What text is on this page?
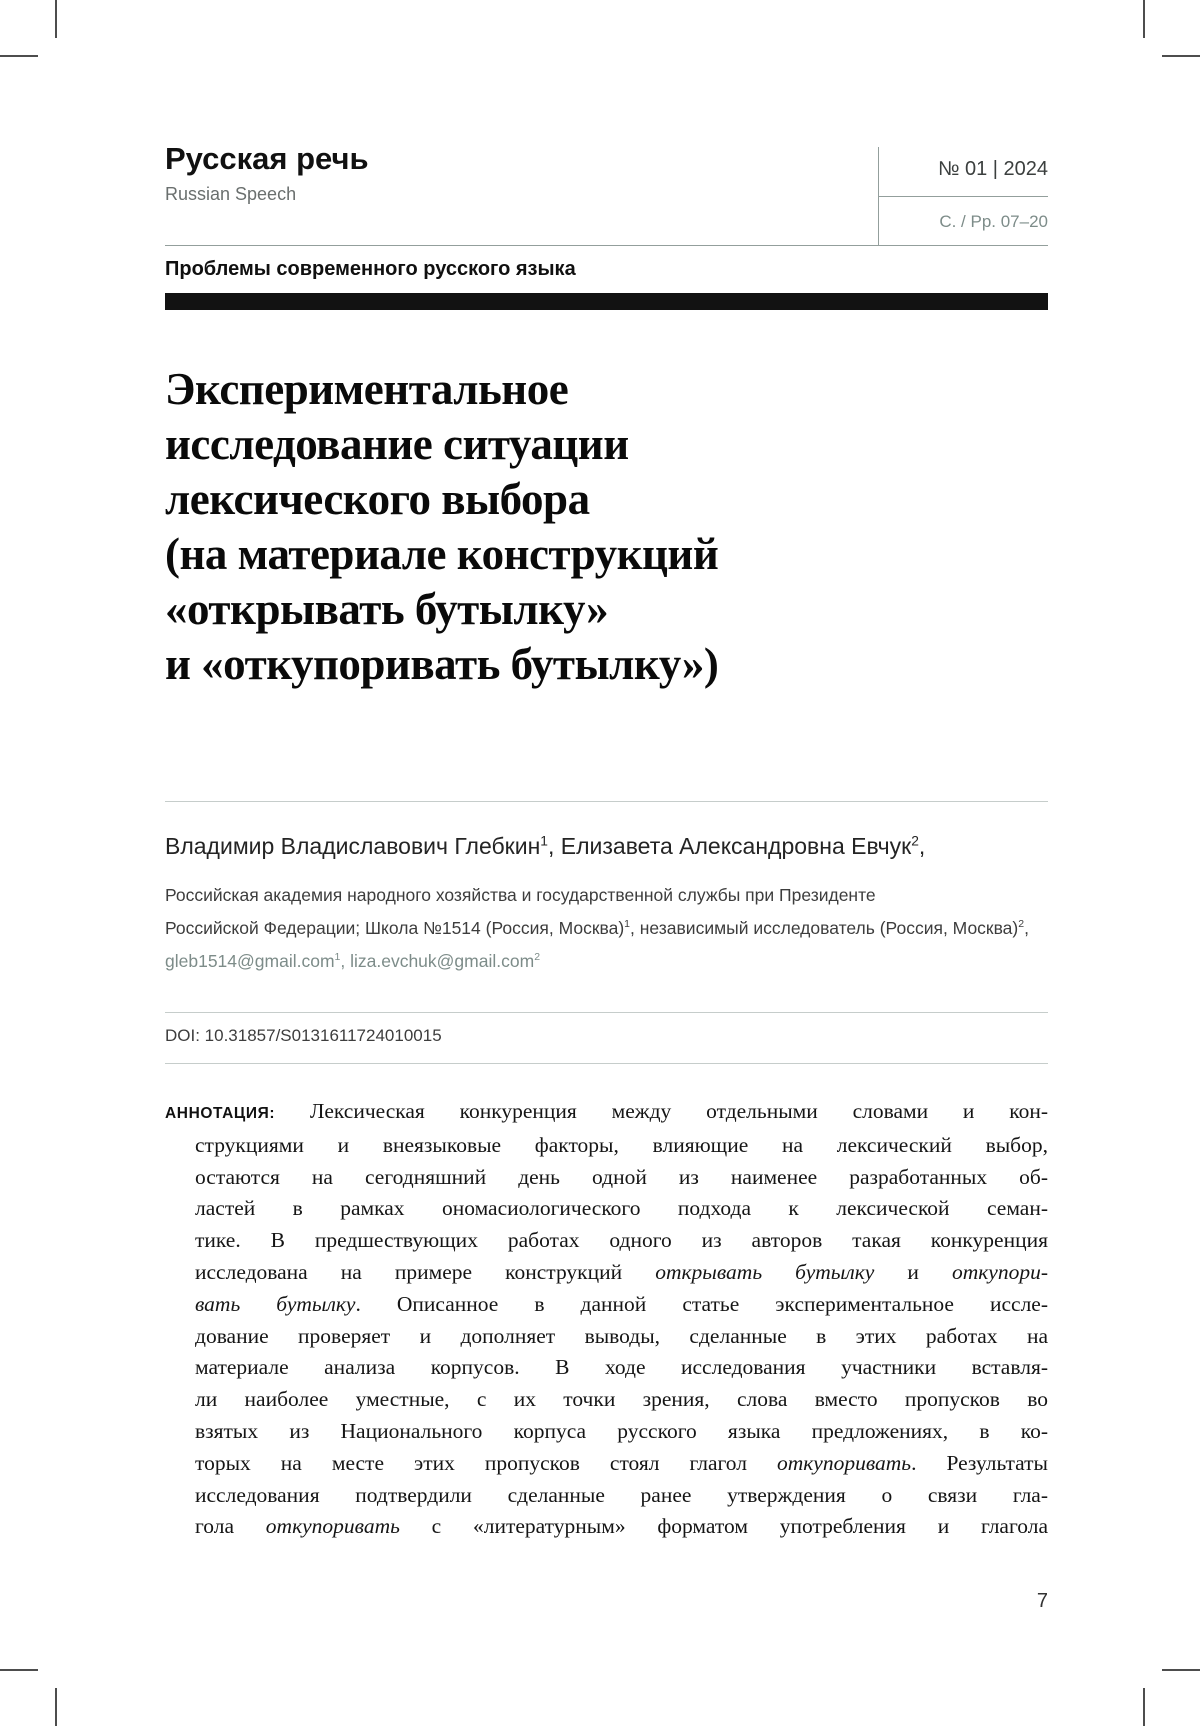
Русская речь
Russian Speech
№ 01 | 2024
С. / Pp. 07–20
Проблемы современного русского языка
Экспериментальное
исследование ситуации
лексического выбора
(на материале конструкций
«открывать бутылку»
и «откупоривать бутылку»)
Владимир Владиславович Глебкин$^1$, Елизавета Александровна Евчук$^2$,
Российская академия народного хозяйства и государственной службы при Президенте
Российской Федерации; Школа №1514 (Россия, Москва)$^1$, независимый исследователь (Россия, Москва)$^2$,
gleb1514@gmail.com$^1$, liza.evchuk@gmail.com$^2$
DOI: 10.31857/S0131611724010015
АННОТАЦИЯ: Лексическая конкуренция между отдельными словами и кон-
струкциями и внеязыковые факторы, влияющие на лексический выбор,
остаются на сегодняшний день одной из наименее разработанных об-
ластей в рамках ономасиологического подхода к лексической семан-
тике. В предшествующих работах одного из авторов такая конкуренция
исследована на примере конструкций открывать бутылку и откупори-
вать бутылку. Описанное в данной статье экспериментальное иссле-
дование проверяет и дополняет выводы, сделанные в этих работах на
материале анализа корпусов. В ходе исследования участники вставля-
ли наиболее уместные, с их точки зрения, слова вместо пропусков во
взятых из Национального корпуса русского языка предложениях, в ко-
торых на месте этих пропусков стоял глагол откупоривать. Результаты
исследования подтвердили сделанные ранее утверждения о связи гла-
гола откупоривать с «литературным» форматом употребления и глагола
7
